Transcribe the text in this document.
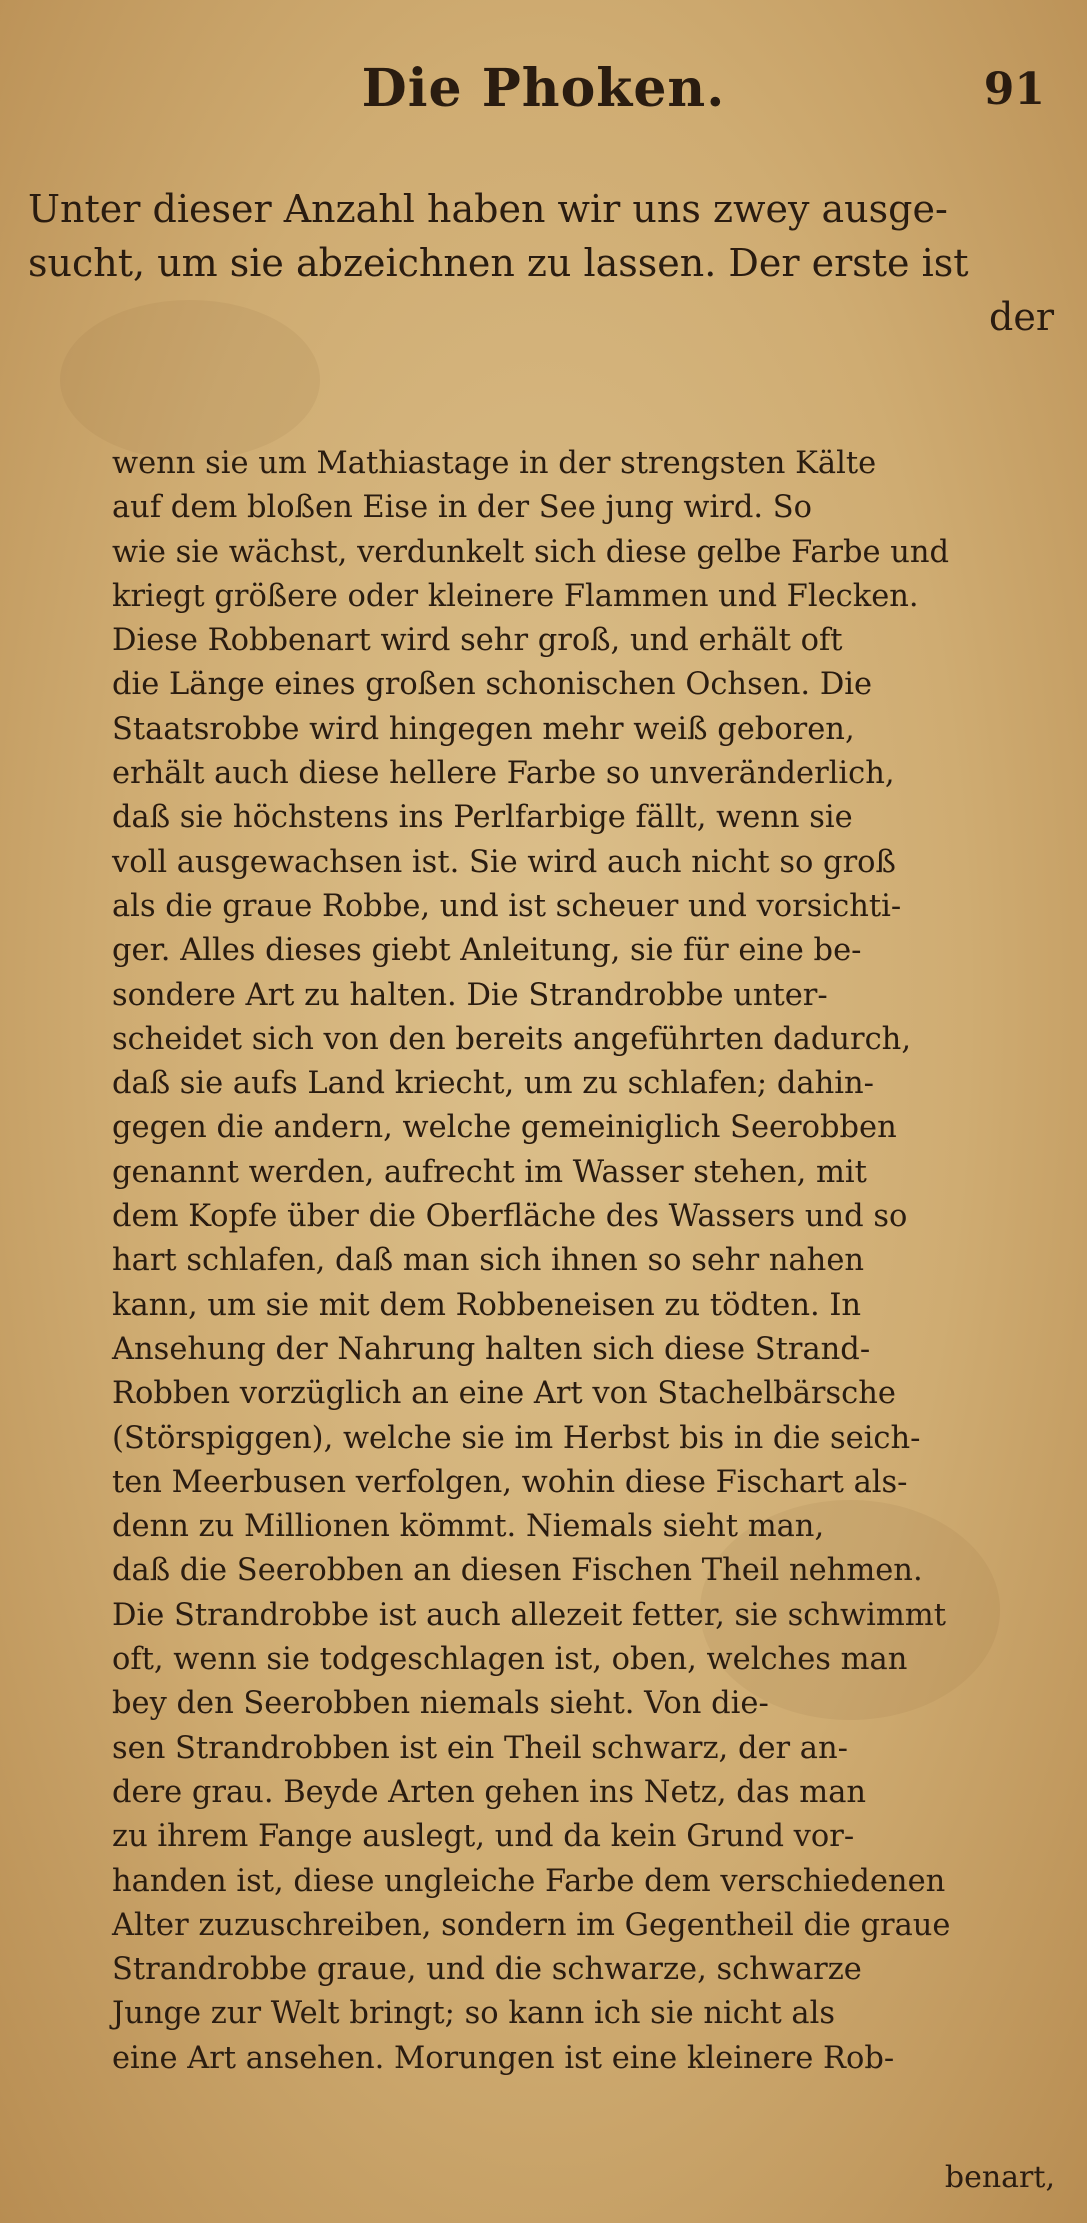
Die Phoken.	91
Unter dieser Anzahl haben wir uns zwey ausge-
sucht, um sie abzeichnen zu lassen. Der erste ist
der
wenn sie um Mathiastage in der strengsten Kälte
auf dem bloßen Eise in der See jung wird. So
wie sie wächst, verdunkelt sich diese gelbe Farbe und
kriegt größere oder kleinere Flammen und Flecken.
Diese Robbenart wird sehr groß, und erhält oft
die Länge eines großen schonischen Ochsen. Die
Staatsrobbe wird hingegen mehr weiß geboren,
erhält auch diese hellere Farbe so unveränderlich,
daß sie höchstens ins Perlfarbige fällt, wenn sie
voll ausgewachsen ist. Sie wird auch nicht so groß
als die graue Robbe, und ist scheuer und vorsichti-
ger. Alles dieses giebt Anleitung, sie für eine be-
sondere Art zu halten. Die Strandrobbe unter-
scheidet sich von den bereits angeführten dadurch,
daß sie aufs Land kriecht, um zu schlafen; dahin-
gegen die andern, welche gemeiniglich Seerobben
genannt werden, aufrecht im Wasser stehen, mit
dem Kopfe über die Oberfläche des Wassers und so
hart schlafen, daß man sich ihnen so sehr nahen
kann, um sie mit dem Robbeneisen zu tödten. In
Ansehung der Nahrung halten sich diese Strand-
Robben vorzüglich an eine Art von Stachelbärsche
(Störspiggen), welche sie im Herbst bis in die seich-
ten Meerbusen verfolgen, wohin diese Fischart als-
denn zu Millionen kömmt. Niemals sieht man,
daß die Seerobben an diesen Fischen Theil nehmen.
Die Strandrobbe ist auch allezeit fetter, sie schwimmt
oft, wenn sie todgeschlagen ist, oben, welches man
bey den Seerobben niemals sieht. Von die-
sen Strandrobben ist ein Theil schwarz, der an-
dere grau. Beyde Arten gehen ins Netz, das man
zu ihrem Fange auslegt, und da kein Grund vor-
handen ist, diese ungleiche Farbe dem verschiedenen
Alter zuzuschreiben, sondern im Gegentheil die graue
Strandrobbe graue, und die schwarze, schwarze
Junge zur Welt bringt; so kann ich sie nicht als
eine Art ansehen. Morungen ist eine kleinere Rob-
benart,
